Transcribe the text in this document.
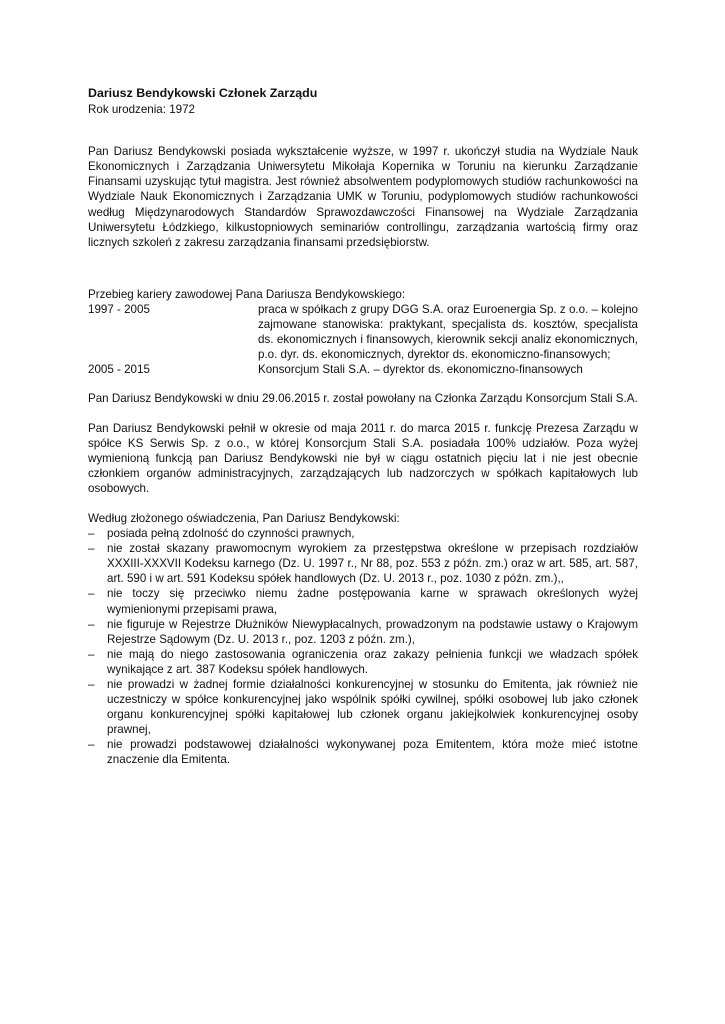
Dariusz Bendykowski Członek Zarządu

Rok urodzenia: 1972

Pan Dariusz Bendykowski posiada wykształcenie wyższe, w 1997 r. ukończył studia na Wydziale Nauk Ekonomicznych i Zarządzania Uniwersytetu Mikołaja Kopernika w Toruniu na kierunku Zarządzanie Finansami uzyskując tytuł magistra. Jest również absolwentem podyplomowych studiów rachunkowości na Wydziale Nauk Ekonomicznych i Zarządzania UMK w Toruniu, podyplomowych studiów rachunkowości według Międzynarodowych Standardów Sprawozdawczości Finansowej na Wydziale Zarządzania Uniwersytetu Łódzkiego, kilkustopniowych seminariów controllingu, zarządzania wartością firmy oraz licznych szkoleń z zakresu zarządzania finansami przedsiębiorstw.

Przebieg kariery zawodowej Pana Dariusza Bendykowskiego:

1997 - 2005	praca w spółkach z grupy DGG S.A. oraz Euroenergia Sp. z o.o. – kolejno zajmowane stanowiska: praktykant, specjalista ds. kosztów, specjalista ds. ekonomicznych i finansowych, kierownik sekcji analiz ekonomicznych, p.o. dyr. ds. ekonomicznych, dyrektor ds. ekonomiczno-finansowych;
2005 - 2015	Konsorcjum Stali S.A. – dyrektor ds. ekonomiczno-finansowych

Pan Dariusz Bendykowski w dniu 29.06.2015 r. został powołany na Członka Zarządu Konsorcjum Stali S.A.

Pan Dariusz Bendykowski pełnił w okresie od maja 2011 r. do marca 2015 r. funkcję Prezesa Zarządu w spółce KS Serwis Sp. z o.o., w której Konsorcjum Stali S.A. posiadała 100% udziałów. Poza wyżej wymienioną funkcją pan Dariusz Bendykowski nie był w ciągu ostatnich pięciu lat i nie jest obecnie członkiem organów administracyjnych, zarządzających lub nadzorczych w spółkach kapitałowych lub osobowych.

Według złożonego oświadczenia, Pan Dariusz Bendykowski:

–	posiada pełną zdolność do czynności prawnych,
–	nie został skazany prawomocnym wyrokiem za przestępstwa określone w przepisach rozdziałów XXXIII-XXXVII Kodeksu karnego (Dz. U. 1997 r., Nr 88, poz. 553 z późn. zm.) oraz w art. 585, art. 587, art. 590 i w art. 591 Kodeksu spółek handlowych (Dz. U. 2013 r., poz. 1030 z późn. zm.),,
–	nie toczy się przeciwko niemu żadne postępowania karne w sprawach określonych wyżej wymienionymi przepisami prawa,
–	nie figuruje w Rejestrze Dłużników Niewypłacalnych, prowadzonym na podstawie ustawy o Krajowym Rejestrze Sądowym (Dz. U. 2013 r., poz. 1203 z późn. zm.),
–	nie mają do niego zastosowania ograniczenia oraz zakazy pełnienia funkcji we władzach spółek wynikające z art. 387 Kodeksu spółek handlowych.
–	nie prowadzi w żadnej formie działalności konkurencyjnej w stosunku do Emitenta, jak również nie uczestniczy w spółce konkurencyjnej jako wspólnik spółki cywilnej, spółki osobowej lub jako członek organu konkurencyjnej spółki kapitałowej lub członek organu jakiejkolwiek konkurencyjnej osoby prawnej,
–	nie prowadzi podstawowej działalności wykonywanej poza Emitentem, która może mieć istotne znaczenie dla Emitenta.
